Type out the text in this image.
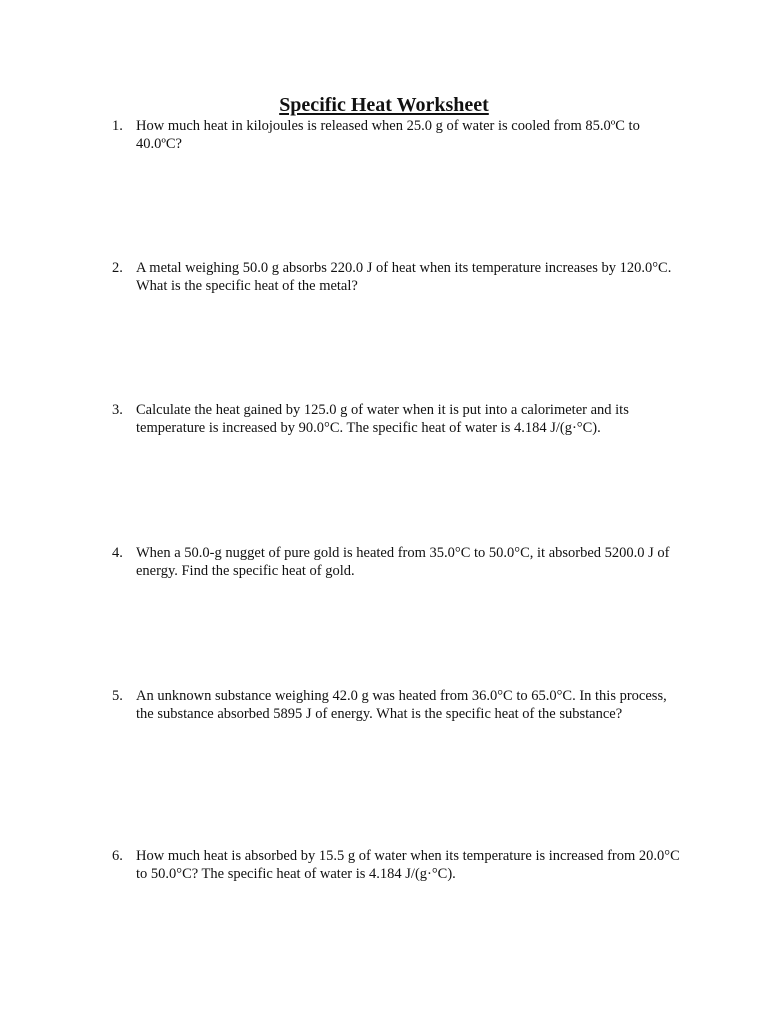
Specific Heat Worksheet
1. How much heat in kilojoules is released when 25.0 g of water is cooled from 85.0ºC to 40.0ºC?
2. A metal weighing 50.0 g absorbs 220.0 J of heat when its temperature increases by 120.0°C. What is the specific heat of the metal?
3. Calculate the heat gained by 125.0 g of water when it is put into a calorimeter and its temperature is increased by 90.0°C. The specific heat of water is 4.184 J/(g·°C).
4. When a 50.0-g nugget of pure gold is heated from 35.0°C to 50.0°C, it absorbed 5200.0 J of energy. Find the specific heat of gold.
5. An unknown substance weighing 42.0 g was heated from 36.0°C to 65.0°C. In this process, the substance absorbed 5895 J of energy. What is the specific heat of the substance?
6. How much heat is absorbed by 15.5 g of water when its temperature is increased from 20.0°C to 50.0°C? The specific heat of water is 4.184 J/(g·°C).
